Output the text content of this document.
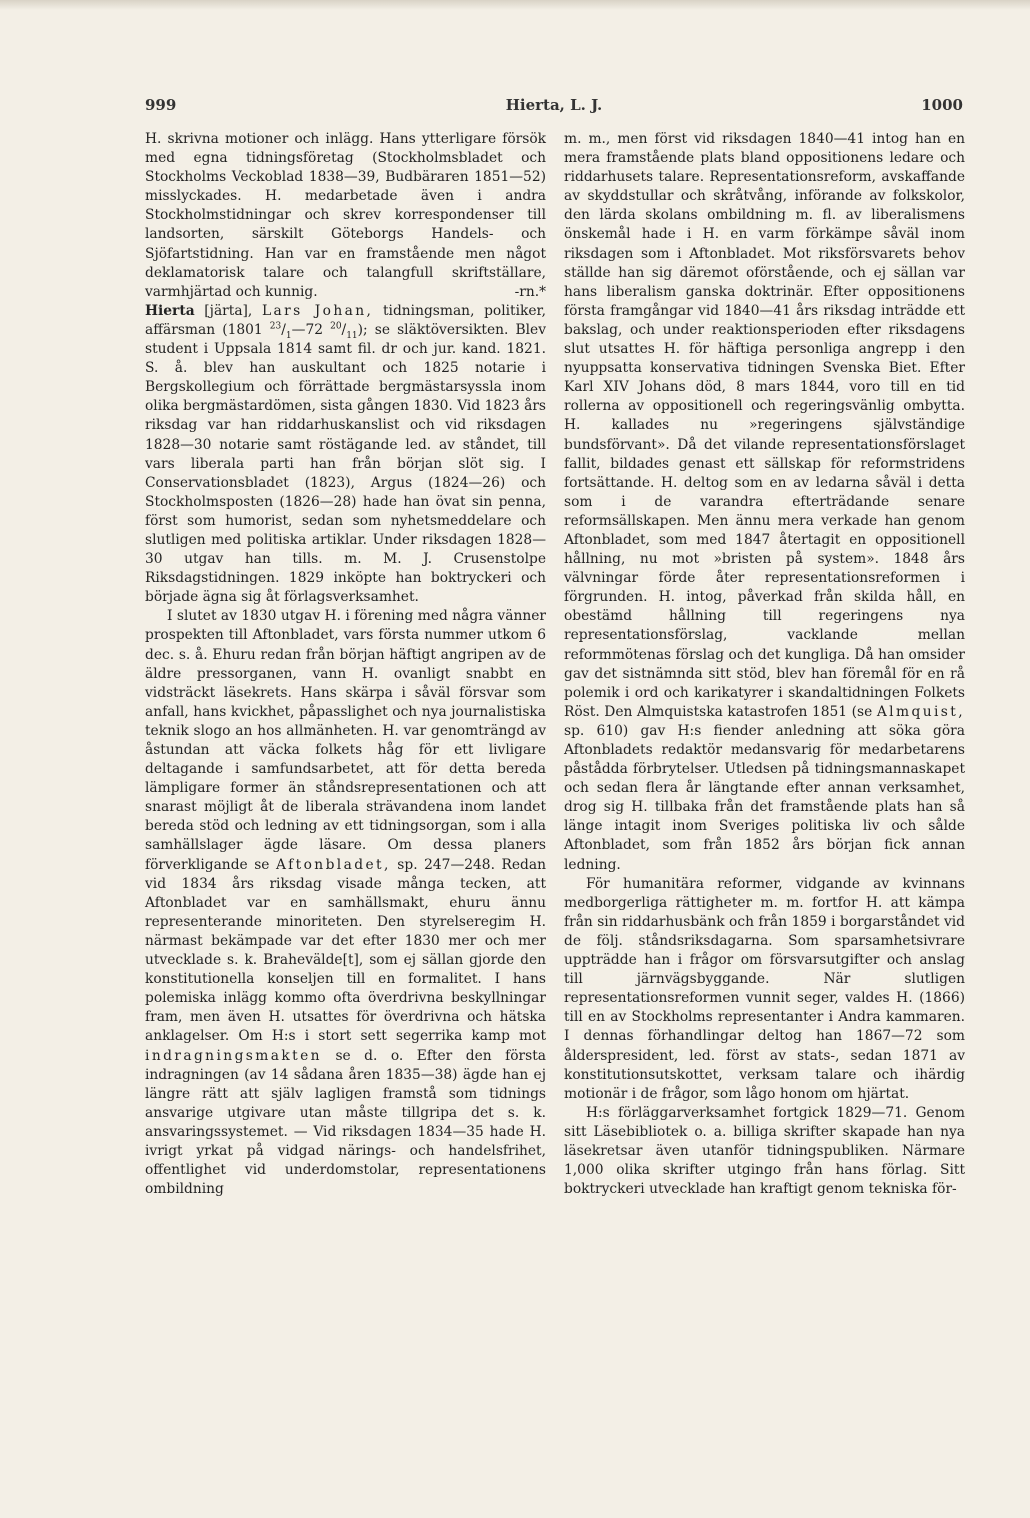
999	Hierta, L. J.	1000

H. skrivna motioner och inlägg. Hans ytterligare försök med egna tidningsföretag (Stockholmsbladet och Stockholms Veckoblad 1838—39, Budbäraren 1851—52) misslyckades. H. medarbetade även i andra Stockholmstidningar och skrev korrespondenser till landsorten, särskilt Göteborgs Handels- och Sjöfartstidning. Han var en framstående men något deklamatorisk talare och talangfull skriftställare, varmhjärtad och kunnig.	-rn.*

Hierta [järta], Lars Johan, tidningsman, politiker, affärsman (1801 $^{23}/_1—72$ $^{20}/_{11}$); se släktöversikten. Blev student i Uppsala 1814 samt fil. dr och jur. kand. 1821. S. å. blev han auskultant och 1825 notarie i Bergskollegium och förrättade bergmästarsyssla inom olika bergmästardömen, sista gången 1830. Vid 1823 års riksdag var han riddarhuskanslist och vid riksdagen 1828—30 notarie samt röstägande led. av ståndet, till vars liberala parti han från början slöt sig. I Conservationsbladet (1823), Argus (1824—26) och Stockholmsposten (1826—28) hade han övat sin penna, först som humorist, sedan som nyhetsmeddelare och slutligen med politiska artiklar. Under riksdagen 1828—30 utgav han tills. m. M. J. Crusenstolpe Riksdagstidningen. 1829 inköpte han boktryckeri och började ägna sig åt förlagsverksamhet.

I slutet av 1830 utgav H. i förening med några vänner prospekten till Aftonbladet, vars första nummer utkom 6 dec. s. å. Ehuru redan från början häftigt angripen av de äldre pressorganen, vann H. ovanligt snabbt en vidsträckt läsekrets. Hans skärpa i såväl försvar som anfall, hans kvickhet, påpasslighet och nya journalistiska teknik slogo an hos allmänheten. H. var genomträngd av åstundan att väcka folkets håg för ett livligare deltagande i samfundsarbetet, att för detta bereda lämpligare former än ståndsrepresentationen och att snarast möjligt åt de liberala strävandena inom landet bereda stöd och ledning av ett tidningsorgan, som i alla samhällslager ägde läsare. Om dessa planers förverkligande se Aftonbladet, sp. 247—248. Redan vid 1834 års riksdag visade många tecken, att Aftonbladet var en samhällsmakt, ehuru ännu representerande minoriteten. Den styrelseregim H. närmast bekämpade var det efter 1830 mer och mer utvecklade s. k. Brahevälde[t], som ej sällan gjorde den konstitutionella konseljen till en formalitet. I hans polemiska inlägg kommo ofta överdrivna beskyllningar fram, men även H. utsattes för överdrivna och hätska anklagelser. Om H:s i stort sett segerrika kamp mot indragningsmakten se d. o. Efter den första indragningen (av 14 sådana åren 1835—38) ägde han ej längre rätt att själv lagligen framstå som tidnings ansvarige utgivare utan måste tillgripa det s. k. ansvaringssystemet. — Vid riksdagen 1834—35 hade H. ivrigt yrkat på vidgad närings- och handelsfrihet, offentlighet vid underdomstolar, representationens ombildning

m. m., men först vid riksdagen 1840—41 intog han en mera framstående plats bland oppositionens ledare och riddarhusets talare. Representationsreform, avskaffande av skyddstullar och skråtvång, införande av folkskolor, den lärda skolans ombildning m. fl. av liberalismens önskemål hade i H. en varm förkämpe såväl inom riksdagen som i Aftonbladet. Mot riksförsvarets behov ställde han sig däremot oförstående, och ej sällan var hans liberalism ganska doktrinär. Efter oppositionens första framgångar vid 1840—41 års riksdag inträdde ett bakslag, och under reaktionsperioden efter riksdagens slut utsattes H. för häftiga personliga angrepp i den nyuppsatta konservativa tidningen Svenska Biet. Efter Karl XIV Johans död, 8 mars 1844, voro till en tid rollerna av oppositionell och regeringsvänlig ombytta. H. kallades nu »regeringens självständige bundsförvant». Då det vilande representationsförslaget fallit, bildades genast ett sällskap för reformstridens fortsättande. H. deltog som en av ledarna såväl i detta som i de varandra efterträdande senare reformsällskapen. Men ännu mera verkade han genom Aftonbladet, som med 1847 återtagit en oppositionell hållning, nu mot »bristen på system». 1848 års välvningar förde åter representationsreformen i förgrunden. H. intog, påverkad från skilda håll, en obestämd hållning till regeringens nya representationsförslag, vacklande mellan reformmötenas förslag och det kungliga. Då han omsider gav det sistnämnda sitt stöd, blev han föremål för en rå polemik i ord och karikatyrer i skandaltidningen Folkets Röst. Den Almquistska katastrofen 1851 (se Almquist, sp. 610) gav H:s fiender anledning att söka göra Aftonbladets redaktör medansvarig för medarbetarens påstådda förbrytelser. Utledsen på tidningsmannaskapet och sedan flera år längtande efter annan verksamhet, drog sig H. tillbaka från det framstående plats han så länge intagit inom Sveriges politiska liv och sålde Aftonbladet, som från 1852 års början fick annan ledning.

För humanitära reformer, vidgande av kvinnans medborgerliga rättigheter m. m. fortfor H. att kämpa från sin riddarhusbänk och från 1859 i borgarståndet vid de följ. ståndsriksdagarna. Som sparsamhetsivrare uppträdde han i frågor om försvarsutgifter och anslag till järnvägsbyggande. När slutligen representationsreformen vunnit seger, valdes H. (1866) till en av Stockholms representanter i Andra kammaren. I dennas förhandlingar deltog han 1867—72 som ålderspresident, led. först av stats-, sedan 1871 av konstitutionsutskottet, verksam talare och ihärdig motionär i de frågor, som lågo honom om hjärtat.

H:s förläggarverksamhet fortgick 1829—71. Genom sitt Läsebibliotek o. a. billiga skrifter skapade han nya läsekretsar även utanför tidningspubliken. Närmare 1,000 olika skrifter utgingo från hans förlag. Sitt boktryckeri utvecklade han kraftigt genom tekniska för-
